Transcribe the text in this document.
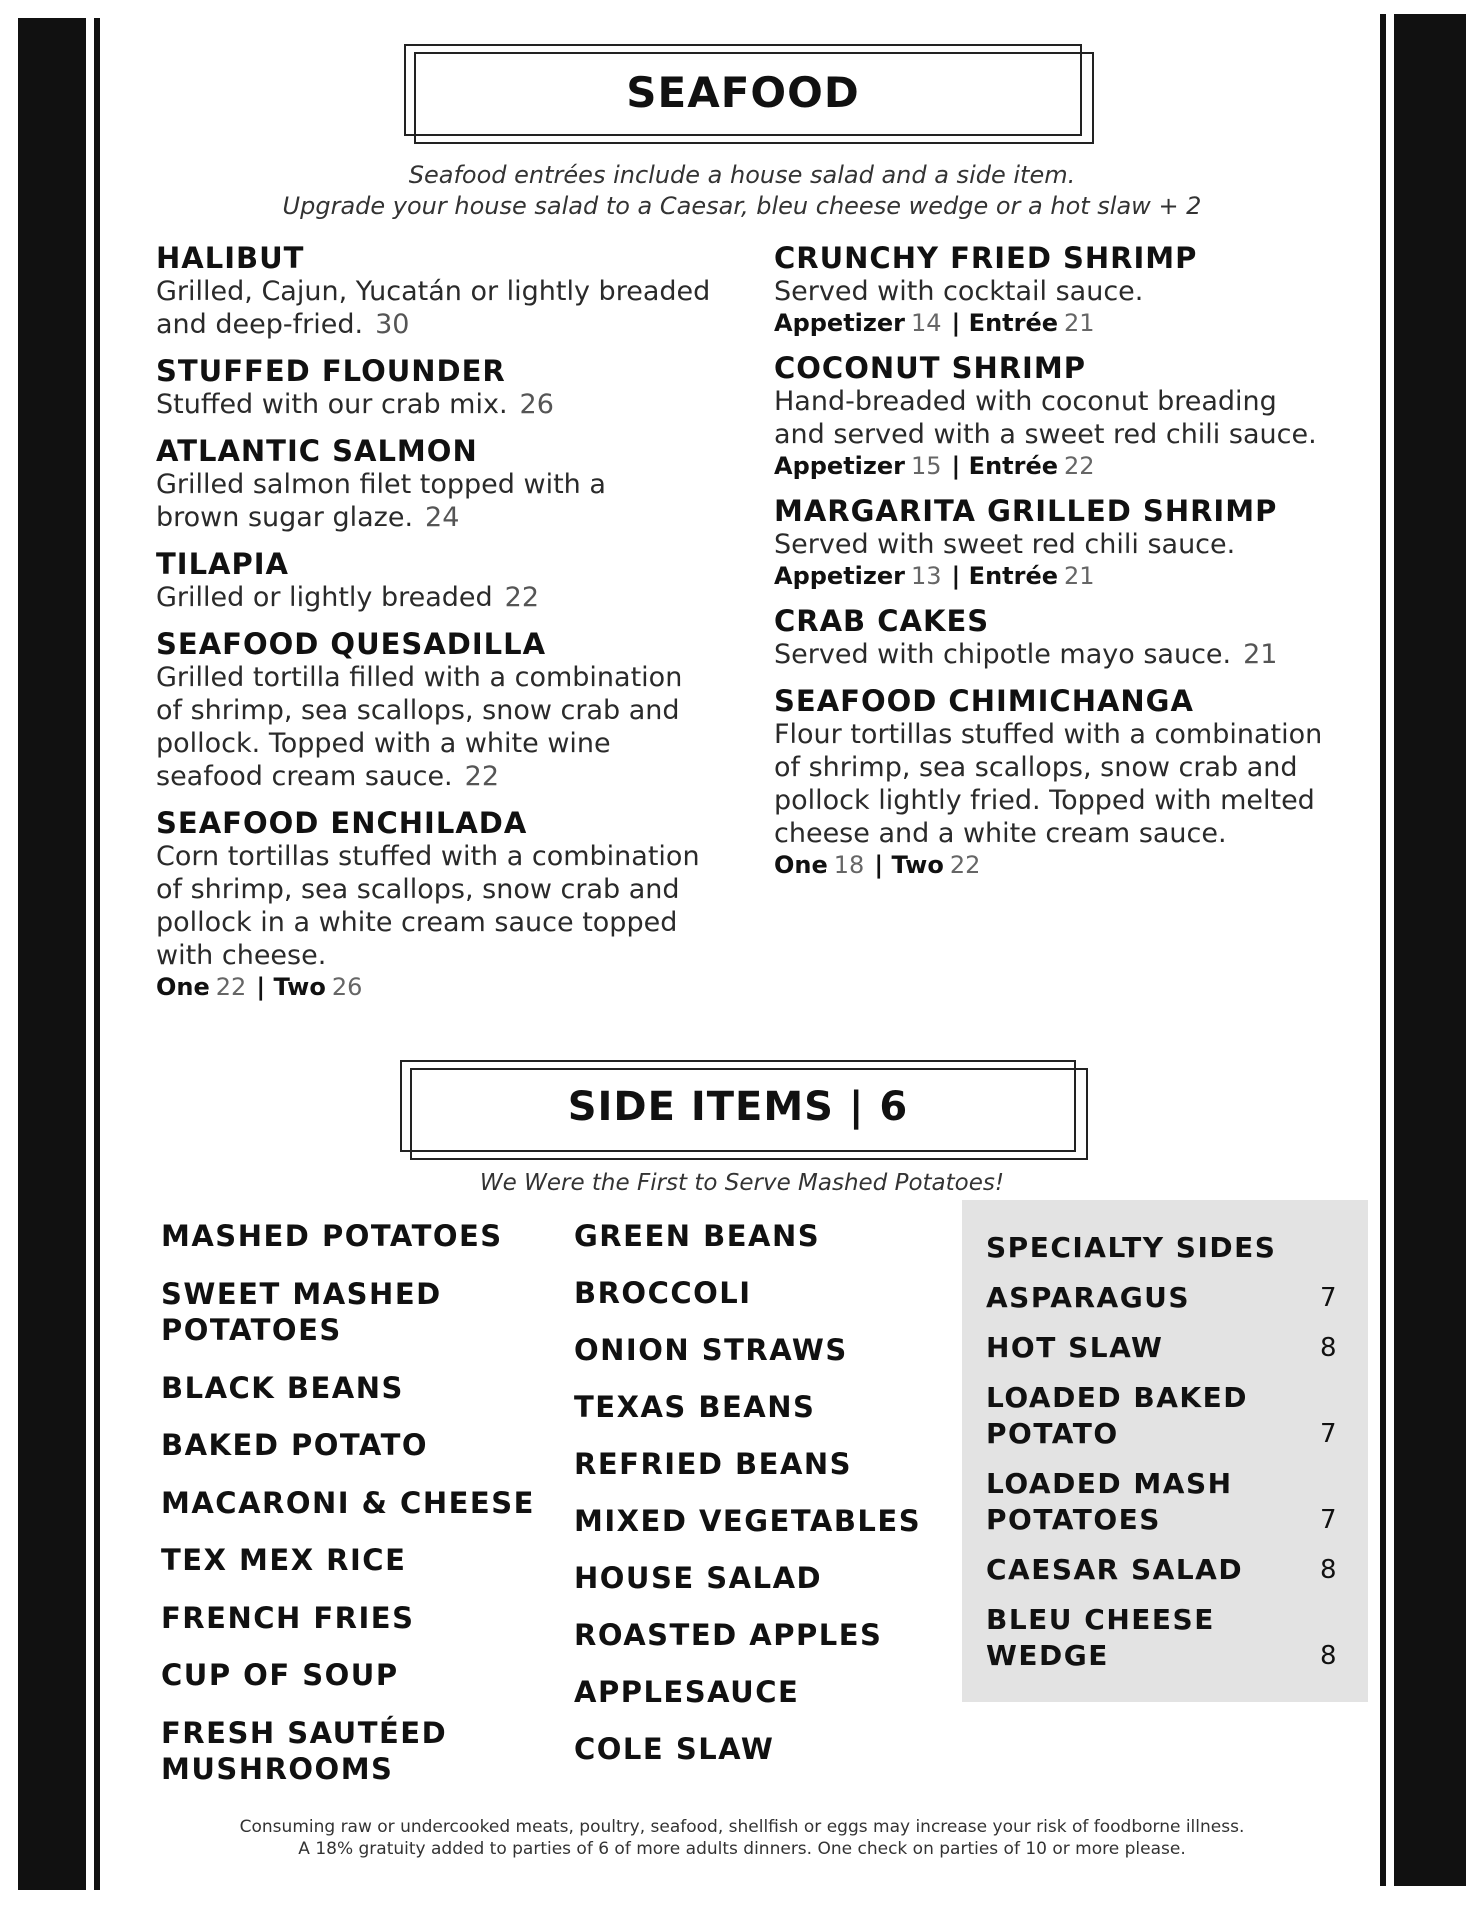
SEAFOOD
Seafood entrées include a house salad and a side item.
Upgrade your house salad to a Caesar, bleu cheese wedge or a hot slaw + 2
HALIBUT
Grilled, Cajun, Yucatán or lightly breaded and deep-fried. 30
STUFFED FLOUNDER
Stuffed with our crab mix. 26
ATLANTIC SALMON
Grilled salmon filet topped with a brown sugar glaze. 24
TILAPIA
Grilled or lightly breaded 22
SEAFOOD QUESADILLA
Grilled tortilla filled with a combination of shrimp, sea scallops, snow crab and pollock. Topped with a white wine seafood cream sauce. 22
SEAFOOD ENCHILADA
Corn tortillas stuffed with a combination of shrimp, sea scallops, snow crab and pollock in a white cream sauce topped with cheese.
One 22 | Two 26
CRUNCHY FRIED SHRIMP
Served with cocktail sauce.
Appetizer 14 | Entrée 21
COCONUT SHRIMP
Hand-breaded with coconut breading and served with a sweet red chili sauce.
Appetizer 15 | Entrée 22
MARGARITA GRILLED SHRIMP
Served with sweet red chili sauce.
Appetizer 13 | Entrée 21
CRAB CAKES
Served with chipotle mayo sauce. 21
SEAFOOD CHIMICHANGA
Flour tortillas stuffed with a combination of shrimp, sea scallops, snow crab and pollock lightly fried. Topped with melted cheese and a white cream sauce.
One 18 | Two 22
SIDE ITEMS | 6
We Were the First to Serve Mashed Potatoes!
MASHED POTATOES
SWEET MASHED POTATOES
BLACK BEANS
BAKED POTATO
MACARONI & CHEESE
TEX MEX RICE
FRENCH FRIES
CUP OF SOUP
FRESH SAUTÉED MUSHROOMS
GREEN BEANS
BROCCOLI
ONION STRAWS
TEXAS BEANS
REFRIED BEANS
MIXED VEGETABLES
HOUSE SALAD
ROASTED APPLES
APPLESAUCE
COLE SLAW
SPECIALTY SIDES
ASPARAGUS	7
HOT SLAW	8
LOADED BAKED POTATO	7
LOADED MASH POTATOES	7
CAESAR SALAD	8
BLEU CHEESE WEDGE	8
Consuming raw or undercooked meats, poultry, seafood, shellfish or eggs may increase your risk of foodborne illness.
A 18% gratuity added to parties of 6 of more adults dinners. One check on parties of 10 or more please.
